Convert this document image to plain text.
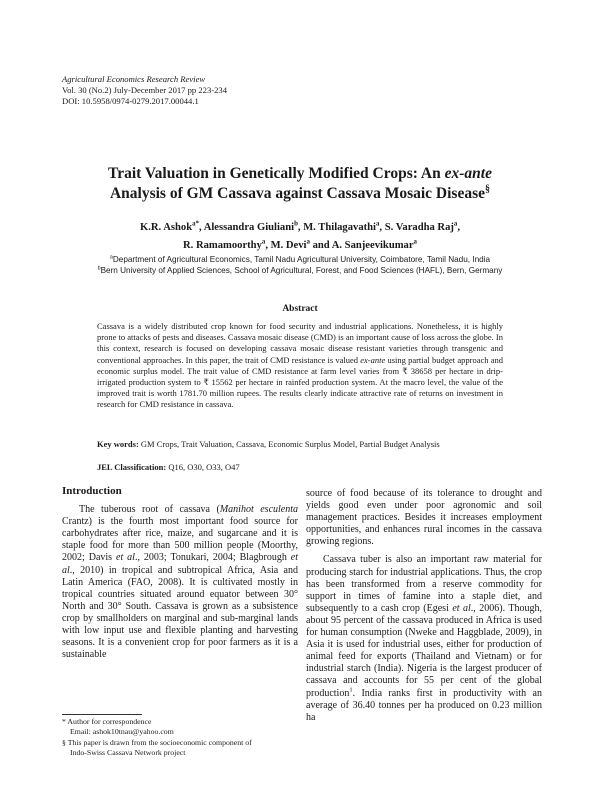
Agricultural Economics Research Review
Vol. 30 (No.2) July-December 2017 pp 223-234
DOI: 10.5958/0974-0279.2017.00044.1
Trait Valuation in Genetically Modified Crops: An ex-ante
Analysis of GM Cassava against Cassava Mosaic Disease§
K.R. Ashok$^{a*}$, Alessandra Giuliani$^b$, M. Thilagavathi$^a$, S. Varadha Raj$^a$,
R. Ramamoorthy$^a$, M. Devi$^a$ and A. Sanjeevikumar$^a$
$^a$Department of Agricultural Economics, Tamil Nadu Agricultural University, Coimbatore, Tamil Nadu, India
$^b$Bern University of Applied Sciences, School of Agricultural, Forest, and Food Sciences (HAFL), Bern, Germany
Abstract
Cassava is a widely distributed crop known for food security and industrial applications. Nonetheless, it is highly prone to attacks of pests and diseases. Cassava mosaic disease (CMD) is an important cause of loss across the globe. In this context, research is focused on developing cassava mosaic disease resistant varieties through transgenic and conventional approaches. In this paper, the trait of CMD resistance is valued ex-ante using partial budget approach and economic surplus model. The trait value of CMD resistance at farm level varies from ₹ 38658 per hectare in drip-irrigated production system to ₹ 15562 per hectare in rainfed production system. At the macro level, the value of the improved trait is worth 1781.70 million rupees. The results clearly indicate attractive rate of returns on investment in research for CMD resistance in cassava.
Key words: GM Crops, Trait Valuation, Cassava, Economic Surplus Model, Partial Budget Analysis
JEL Classification: Q16, O30, O33, O47
Introduction

The tuberous root of cassava (Manihot esculenta Crantz) is the fourth most important food source for carbohydrates after rice, maize, and sugarcane and it is staple food for more than 500 million people (Moorthy, 2002; Davis et al., 2003; Tonukari, 2004; Blagbrough et al., 2010) in tropical and subtropical Africa, Asia and Latin America (FAO, 2008). It is cultivated mostly in tropical countries situated around equator between 30° North and 30° South. Cassava is grown as a subsistence crop by smallholders on marginal and sub-marginal lands with low input use and flexible planting and harvesting seasons. It is a convenient crop for poor farmers as it is a sustainable

source of food because of its tolerance to drought and yields good even under poor agronomic and soil management practices. Besides it increases employment opportunities, and enhances rural incomes in the cassava growing regions.

Cassava tuber is also an important raw material for producing starch for industrial applications. Thus, the crop has been transformed from a reserve commodity for support in times of famine into a staple diet, and subsequently to a cash crop (Egesi et al., 2006). Though, about 95 percent of the cassava produced in Africa is used for human consumption (Nweke and Haggblade, 2009), in Asia it is used for industrial uses, either for production of animal feed for exports (Thailand and Vietnam) or for industrial starch (India). Nigeria is the largest producer of cassava and accounts for 55 per cent of the global production$^1$. India ranks first in productivity with an average of 36.40 tonnes per ha produced on 0.23 million ha

* Author for correspondence

Email: ashok10tnau@yahoo.com

§ This paper is drawn from the socioeconomic component of

Indo-Swiss Cassava Network project
